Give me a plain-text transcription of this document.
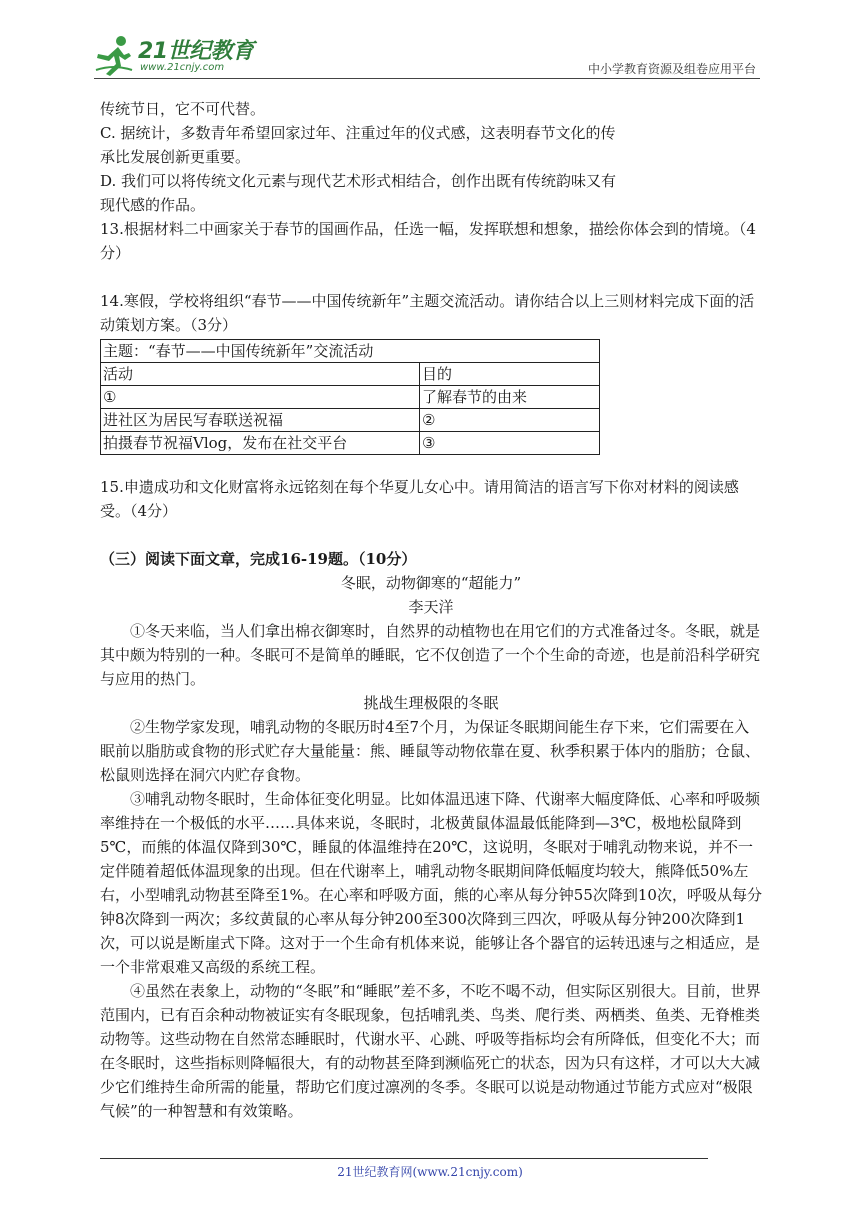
21世纪教育
www.21cnjy.com	中小学教育资源及组卷应用平台

传统节日，它不可代替。

C. 据统计，多数青年希望回家过年、注重过年的仪式感，这表明春节文化的传

承比发展创新更重要。

D. 我们可以将传统文化元素与现代艺术形式相结合，创作出既有传统韵味又有

现代感的作品。

13.根据材料二中画家关于春节的国画作品，任选一幅，发挥联想和想象，描绘你体会到的情境。（4分）

14.寒假，学校将组织“春节——中国传统新年”主题交流活动。请你结合以上三则材料完成下面的活动策划方案。（3分）

主题：“春节——中国传统新年”交流活动	
活动	目的
①	了解春节的由来
进社区为居民写春联送祝福	②
拍摄春节祝福Vlog，发布在社交平台	③

15.申遗成功和文化财富将永远铭刻在每个华夏儿女心中。请用简洁的语言写下你对材料的阅读感受。（4分）

（三）阅读下面文章，完成16-19题。（10分）

冬眠，动物御寒的“超能力”

李天洋

①冬天来临，当人们拿出棉衣御寒时，自然界的动植物也在用它们的方式准备过冬。冬眠，就是其中颇为特别的一种。冬眠可不是简单的睡眠，它不仅创造了一个个生命的奇迹，也是前沿科学研究与应用的热门。

挑战生理极限的冬眠

②生物学家发现，哺乳动物的冬眠历时4至7个月，为保证冬眠期间能生存下来，它们需要在入眠前以脂肪或食物的形式贮存大量能量：熊、睡鼠等动物依靠在夏、秋季积累于体内的脂肪；仓鼠、松鼠则选择在洞穴内贮存食物。

③哺乳动物冬眠时，生命体征变化明显。比如体温迅速下降、代谢率大幅度降低、心率和呼吸频率维持在一个极低的水平……具体来说，冬眠时，北极黄鼠体温最低能降到—3℃，极地松鼠降到5℃，而熊的体温仅降到30℃，睡鼠的体温维持在20℃，这说明，冬眠对于哺乳动物来说，并不一定伴随着超低体温现象的出现。但在代谢率上，哺乳动物冬眠期间降低幅度均较大，熊降低50%左右，小型哺乳动物甚至降至1%。在心率和呼吸方面，熊的心率从每分钟55次降到10次，呼吸从每分钟8次降到一两次；多纹黄鼠的心率从每分钟200至300次降到三四次，呼吸从每分钟200次降到1次，可以说是断崖式下降。这对于一个生命有机体来说，能够让各个器官的运转迅速与之相适应，是一个非常艰难又高级的系统工程。

④虽然在表象上，动物的“冬眠”和“睡眠”差不多，不吃不喝不动，但实际区别很大。目前，世界范围内，已有百余种动物被证实有冬眠现象，包括哺乳类、鸟类、爬行类、两栖类、鱼类、无脊椎类动物等。这些动物在自然常态睡眠时，代谢水平、心跳、呼吸等指标均会有所降低，但变化不大；而在冬眠时，这些指标则降幅很大，有的动物甚至降到濒临死亡的状态，因为只有这样，才可以大大减少它们维持生命所需的能量，帮助它们度过凛冽的冬季。冬眠可以说是动物通过节能方式应对“极限气候”的一种智慧和有效策略。

21世纪教育网(www.21cnjy.com)
